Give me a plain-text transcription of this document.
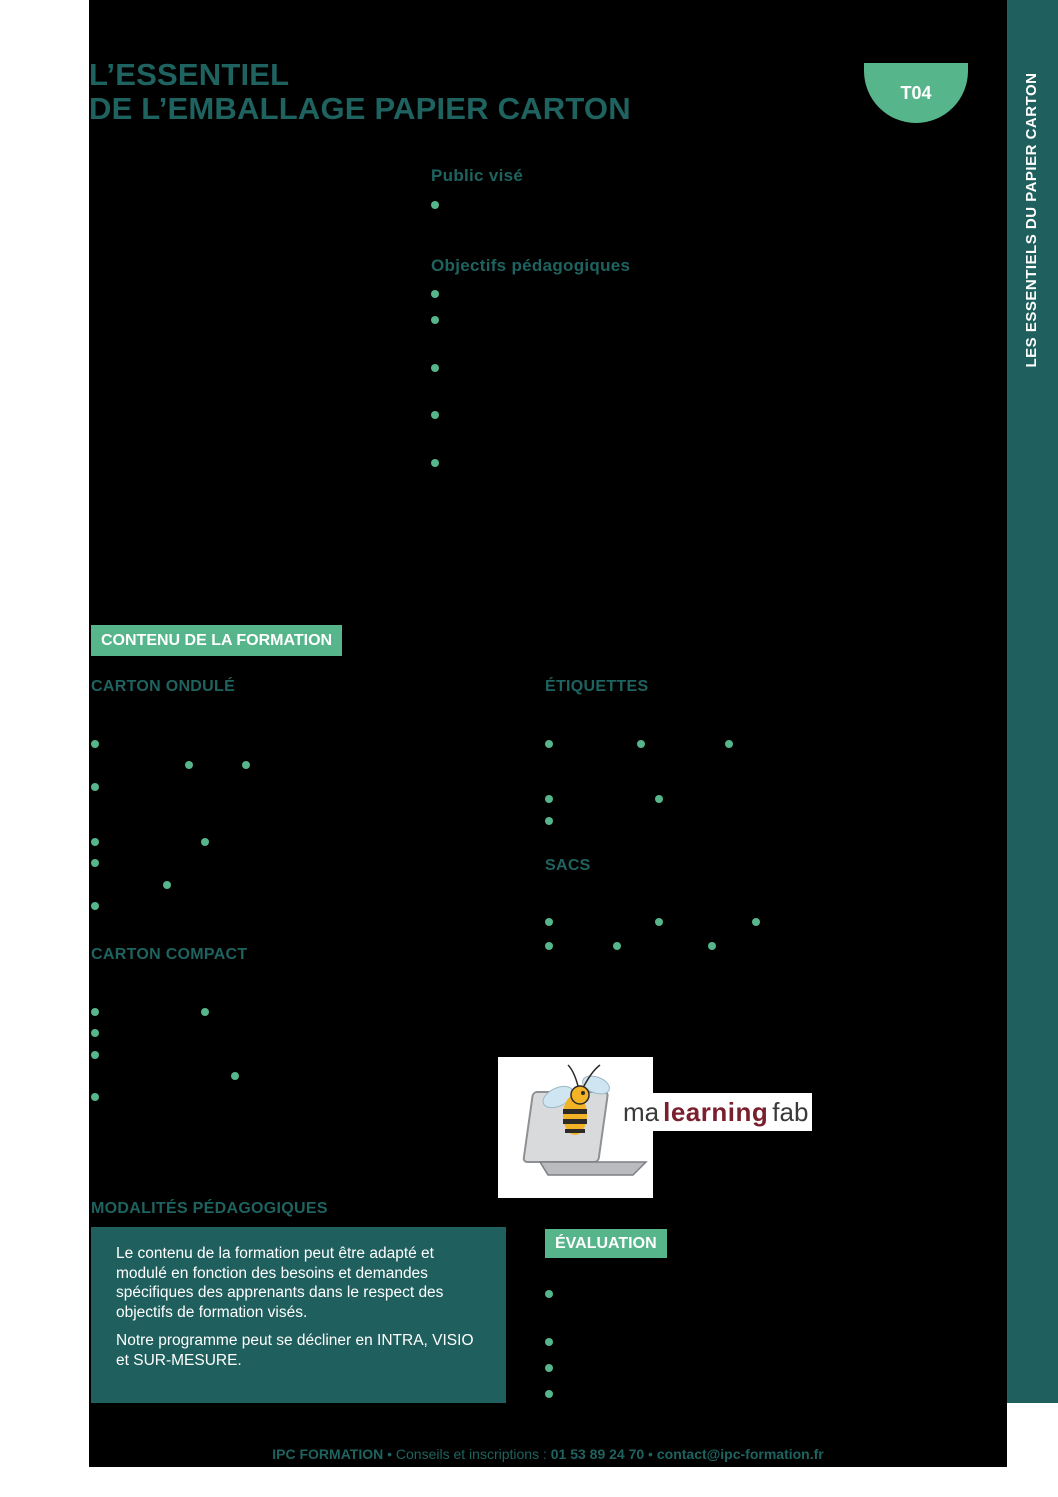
LES ESSENTIELS DU PAPIER CARTON
L’ESSENTIEL
DE L’EMBALLAGE PAPIER CARTON	T04
Public visé
Objectifs pédagogiques
CONTENU DE LA FORMATION
CARTON ONDULÉ
CARTON COMPACT
ÉTIQUETTES
SACS
ma learning fab
MODALITÉS PÉDAGOGIQUES

Le contenu de la formation peut être adapté et modulé en fonction des besoins et demandes spécifiques des apprenants dans le respect des objectifs de formation visés.

Notre programme peut se décliner en INTRA, VISIO et SUR-MESURE.

ÉVALUATION
IPC FORMATION • Conseils et inscriptions : 01 53 89 24 70 • contact@ipc-formation.fr
